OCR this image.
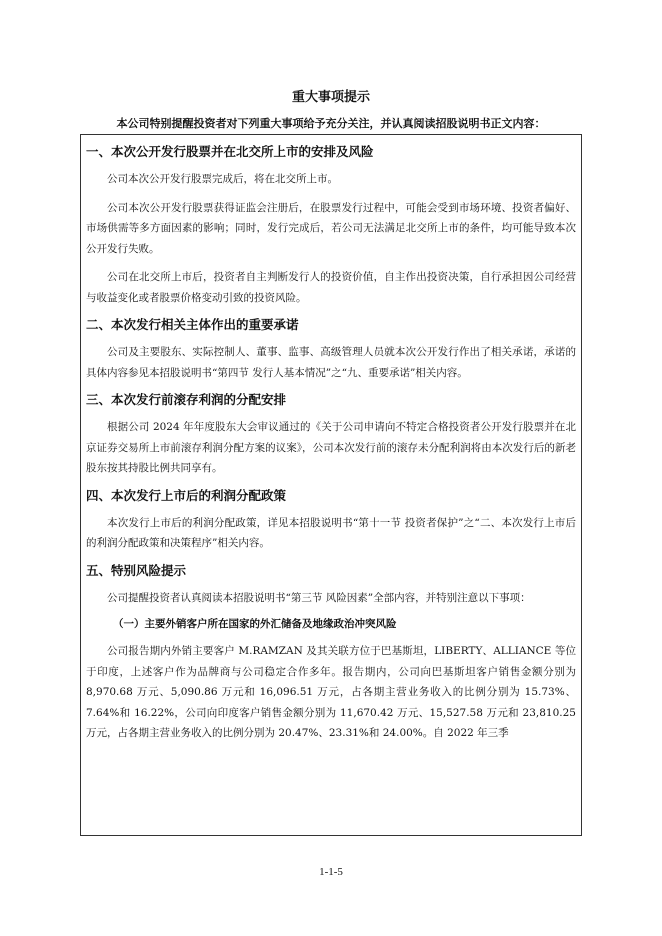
重大事项提示
本公司特别提醒投资者对下列重大事项给予充分关注，并认真阅读招股说明书正文内容：
一、本次公开发行股票并在北交所上市的安排及风险

公司本次公开发行股票完成后，将在北交所上市。

公司本次公开发行股票获得证监会注册后，在股票发行过程中，可能会受到市场环境、投资者偏好、市场供需等多方面因素的影响；同时，发行完成后，若公司无法满足北交所上市的条件，均可能导致本次公开发行失败。

公司在北交所上市后，投资者自主判断发行人的投资价值，自主作出投资决策，自行承担因公司经营与收益变化或者股票价格变动引致的投资风险。

二、本次发行相关主体作出的重要承诺

公司及主要股东、实际控制人、董事、监事、高级管理人员就本次公开发行作出了相关承诺，承诺的具体内容参见本招股说明书“第四节 发行人基本情况”之“九、重要承诺”相关内容。

三、本次发行前滚存利润的分配安排

根据公司 2024 年年度股东大会审议通过的《关于公司申请向不特定合格投资者公开发行股票并在北京证券交易所上市前滚存利润分配方案的议案》，公司本次发行前的滚存未分配利润将由本次发行后的新老股东按其持股比例共同享有。

四、本次发行上市后的利润分配政策

本次发行上市后的利润分配政策，详见本招股说明书“第十一节 投资者保护”之“二、本次发行上市后的利润分配政策和决策程序”相关内容。

五、特别风险提示

公司提醒投资者认真阅读本招股说明书“第三节 风险因素”全部内容，并特别注意以下事项：

（一）主要外销客户所在国家的外汇储备及地缘政治冲突风险

公司报告期内外销主要客户 M.RAMZAN 及其关联方位于巴基斯坦，LIBERTY、ALLIANCE 等位于印度，上述客户作为品牌商与公司稳定合作多年。报告期内，公司向巴基斯坦客户销售金额分别为 8,970.68 万元、5,090.86 万元和 16,096.51 万元，占各期主营业务收入的比例分别为 15.73%、7.64%和 16.22%，公司向印度客户销售金额分别为 11,670.42 万元、15,527.58 万元和 23,810.25 万元，占各期主营业务收入的比例分别为 20.47%、23.31%和 24.00%。自 2022 年三季

1-1-5
